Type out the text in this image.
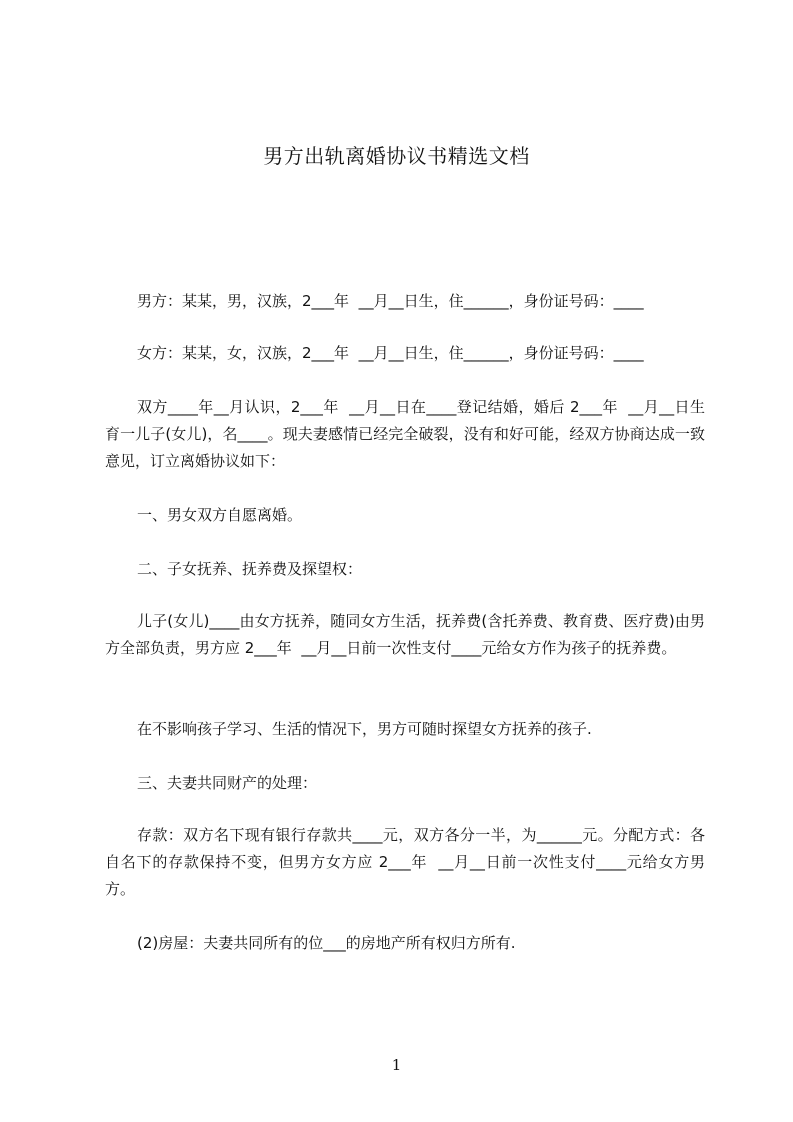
男方出轨离婚协议书精选文档

男方：某某，男，汉族，2___年  __月__日生，住______，身份证号码：____

女方：某某，女，汉族，2___年  __月__日生，住______，身份证号码：____

双方____年__月认识，2___年  __月__日在____登记结婚，婚后 2___年  __月__日生 育一儿子(女儿)，名____。现夫妻感情已经完全破裂，没有和好可能，经双方协商达成一致意见，订立离婚协议如下：

一、男女双方自愿离婚。

二、子女抚养、抚养费及探望权：

儿子(女儿)____由女方抚养，随同女方生活，抚养费(含托养费、教育费、医疗费)由男方全部负责，男方应 2___年  __月__日前一次性支付____元给女方作为孩子的抚养费。

在不影响孩子学习、生活的情况下，男方可随时探望女方抚养的孩子.

三、夫妻共同财产的处理：

存款：双方名下现有银行存款共____元，双方各分一半，为______元。分配方式：各自名下的存款保持不变，但男方女方应 2___年  __月__日前一次性支付____元给女方男方。

(2)房屋：夫妻共同所有的位___的房地产所有权归方所有.

1
